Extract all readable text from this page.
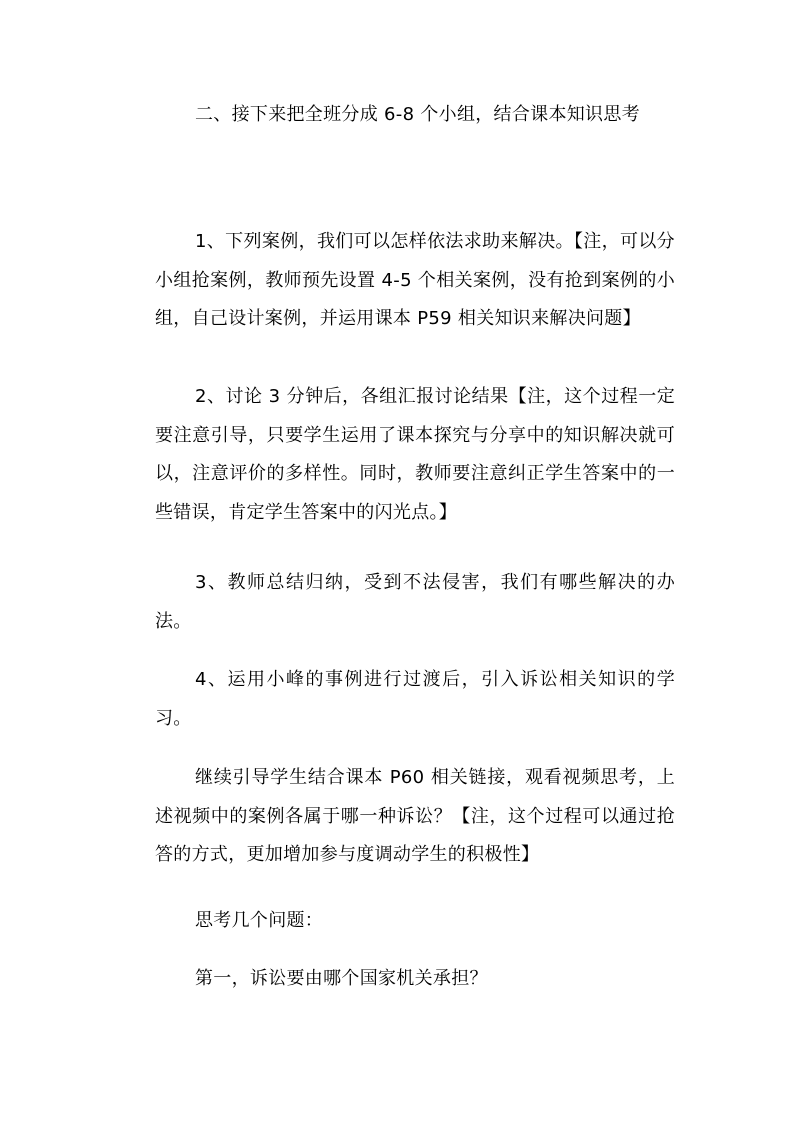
二、接下来把全班分成 6-8 个小组，结合课本知识思考

1、下列案例，我们可以怎样依法求助来解决。【注，可以分小组抢案例，教师预先设置 4-5 个相关案例，没有抢到案例的小组，自己设计案例，并运用课本 P59 相关知识来解决问题】

2、讨论 3 分钟后，各组汇报讨论结果【注，这个过程一定要注意引导，只要学生运用了课本探究与分享中的知识解决就可以，注意评价的多样性。同时，教师要注意纠正学生答案中的一些错误，肯定学生答案中的闪光点。】

3、教师总结归纳，受到不法侵害，我们有哪些解决的办法。

4、运用小峰的事例进行过渡后，引入诉讼相关知识的学习。

继续引导学生结合课本 P60 相关链接，观看视频思考，上述视频中的案例各属于哪一种诉讼？【注，这个过程可以通过抢答的方式，更加增加参与度调动学生的积极性】

思考几个问题：

第一，诉讼要由哪个国家机关承担？
